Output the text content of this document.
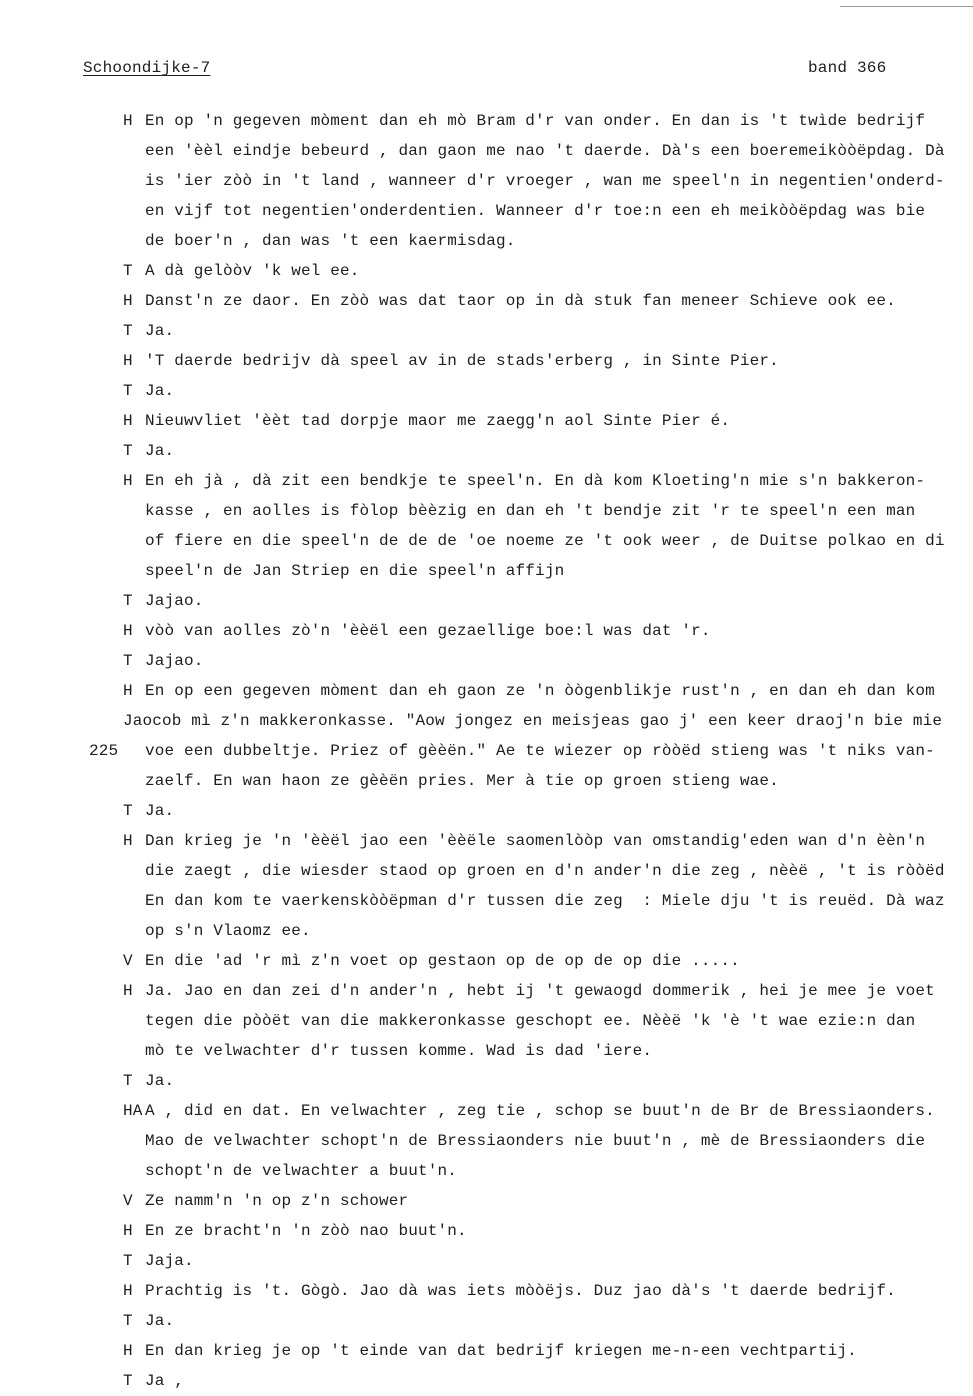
Schoondijke-7	band 366
H En op 'n gegeven mòment dan eh mò Bram d'r van onder. En dan is 't twìde bedrijf
een 'èèl eindje bebeurd , dan gaon me nao 't daerde. Dà's een boeremeikòòëpdag. Dà
is 'ier zòò in 't land , wanneer d'r vroeger , wan me speel'n in negentien'onderd-
en vijf tot negentien'onderdentien. Wanneer d'r toe:n een eh meikòòëpdag was bie
de boer'n , dan was 't een kaermisdag.
T A dà gelòòv 'k wel ee.
H Danst'n ze daor. En zòò was dat taor op in dà stuk fan meneer Schieve ook ee.
T Ja.
H 'T daerde bedrijv dà speel av in de stads'erberg , in Sinte Pier.
T Ja.
H Nieuwvliet 'èèt tad dorpje maor me zaegg'n aol Sinte Pier é.
T Ja.
H En eh jà , dà zit een bendkje te speel'n. En dà kom Kloeting'n mie s'n bakkeron-
kasse , en aolles is fòlop bèèzig en dan eh 't bendje zit 'r te speel'n een man
of fiere en die speel'n de de de 'oe noeme ze 't ook weer , de Duitse polkao en di
speel'n de Jan Striep en die speel'n affijn
T Jajao.
H vòò van aolles zò'n 'èèël een gezaellige boe:l was dat 'r.
T Jajao.
H En op een gegeven mòment dan eh gaon ze 'n òògenblikje rust'n , en dan eh dan kom
Jaocob mì z'n makkeronkasse. "Aow jongez en meisjeas gao j' een keer draoj'n bie mie
225 voe een dubbeltje. Priez of gèèën." Ae te wiezer op ròòëd stieng was 't niks van-
zaelf. En wan haon ze gèèën pries. Mer à tie op groen stieng wae.
T Ja.
H Dan krieg je 'n 'èèël jao een 'èèële saomenlòòp van omstandig'eden wan d'n èèn'n
die zaegt , die wiesder staod op groen en d'n ander'n die zeg , nèèë , 't is ròòëd
En dan kom te vaerkenskòòëpman d'r tussen die zeg  : Miele dju 't is reuëd. Dà waz
op s'n Vlaomz ee.
V En die 'ad 'r mì z'n voet op gestaon op de op de op die .....
H Ja. Jao en dan zei d'n ander'n , hebt ij 't gewaogd dommerik , hei je mee je voet
tegen die pòòët van die makkeronkasse geschopt ee. Nèèë 'k 'è 't wae ezie:n dan
mò te velwachter d'r tussen komme. Wad is dad 'iere.
T Ja.
HA A , did en dat. En velwachter , zeg tie , schop se buut'n de Br de Bressiaonders.
Mao de velwachter schopt'n de Bressiaonders nie buut'n , mè de Bressiaonders die
schopt'n de velwachter a buut'n.
V Ze namm'n 'n op z'n schower
H En ze bracht'n 'n zòò nao buut'n.
T Jaja.
H Prachtig is 't. Gògò. Jao dà was iets mòòëjs. Duz jao dà's 't daerde bedrijf.
T Ja.
H En dan krieg je op 't einde van dat bedrijf kriegen me-n-een vechtpartij.
T Ja ,
